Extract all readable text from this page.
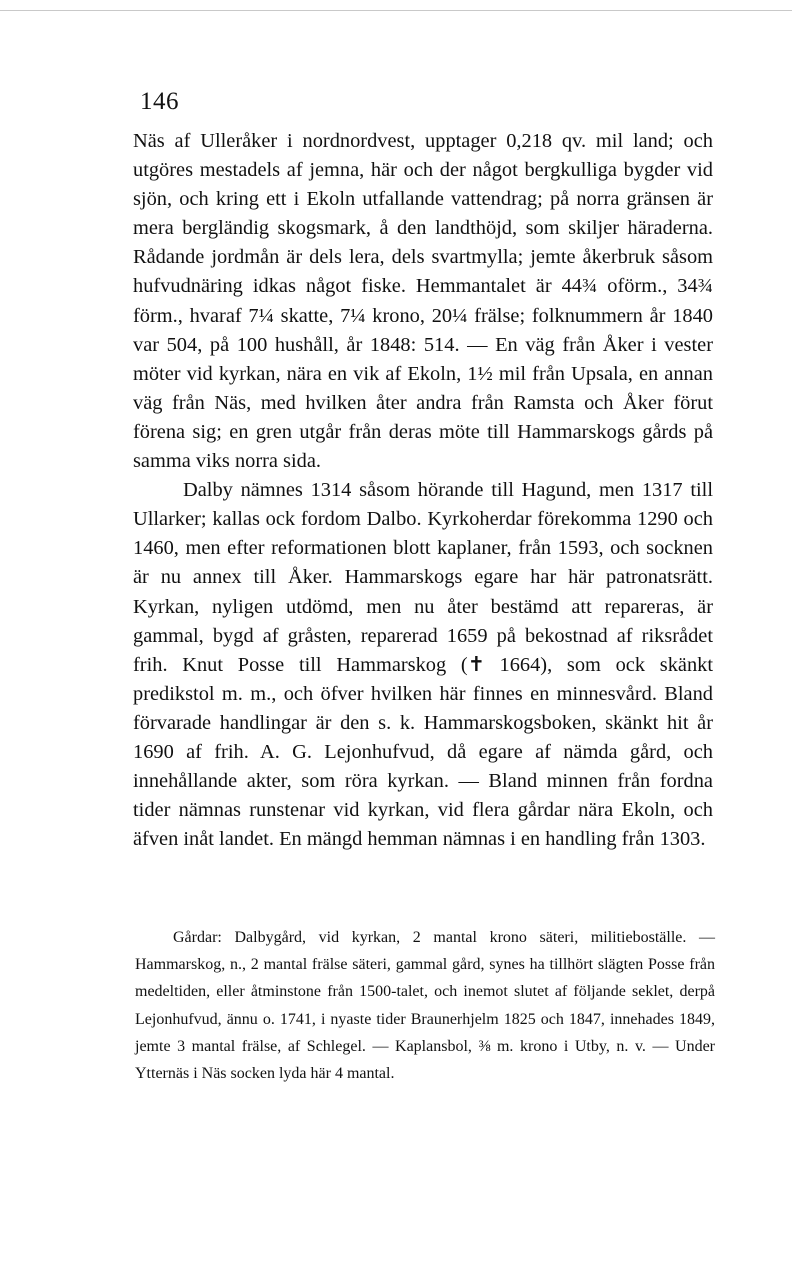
146

Näs af Ulleråker i nordnordvest, upptager 0,218 qv. mil land; och utgöres mestadels af jemna, här och der något bergkulliga bygder vid sjön, och kring ett i Ekoln utfallande vattendrag; på norra gränsen är mera bergländig skogsmark, å den landthöjd, som skiljer häraderna. Rådande jordmån är dels lera, dels svartmylla; jemte åkerbruk såsom hufvudnäring idkas något fiske. Hemmantalet är 44¾ oförm., 34¾ förm., hvaraf 7¼ skatte, 7¼ krono, 20¼ frälse; folknummern år 1840 var 504, på 100 hushåll, år 1848: 514. — En väg från Åker i vester möter vid kyrkan, nära en vik af Ekoln, 1½ mil från Upsala, en annan väg från Näs, med hvilken åter andra från Ramsta och Åker förut förena sig; en gren utgår från deras möte till Hammarskogs gårds på samma viks norra sida.

Dalby nämnes 1314 såsom hörande till Hagund, men 1317 till Ullarker; kallas ock fordom Dalbo. Kyrkoherdar förekomma 1290 och 1460, men efter reformationen blott kaplaner, från 1593, och socknen är nu annex till Åker. Hammarskogs egare har här patronatsrätt. Kyrkan, nyligen utdömd, men nu åter bestämd att repareras, är gammal, bygd af gråsten, reparerad 1659 på bekostnad af riksrådet frih. Knut Posse till Hammarskog (✝ 1664), som ock skänkt predikstol m. m., och öfver hvilken här finnes en minnesvård. Bland förvarade handlingar är den s. k. Hammarskogsboken, skänkt hit år 1690 af frih. A. G. Lejonhufvud, då egare af nämda gård, och innehållande akter, som röra kyrkan. — Bland minnen från fordna tider nämnas runstenar vid kyrkan, vid flera gårdar nära Ekoln, och äfven inåt landet. En mängd hemman nämnas i en handling från 1303.

Gårdar: Dalbygård, vid kyrkan, 2 mantal krono säteri, militieboställe. — Hammarskog, n., 2 mantal frälse säteri, gammal gård, synes ha tillhört slägten Posse från medeltiden, eller åtminstone från 1500-talet, och inemot slutet af följande seklet, derpå Lejonhufvud, ännu o. 1741, i nyaste tider Braunerhjelm 1825 och 1847, innehades 1849, jemte 3 mantal frälse, af Schlegel. — Kaplansbol, ⅜ m. krono i Utby, n. v. — Under Ytternäs i Näs socken lyda här 4 mantal.
